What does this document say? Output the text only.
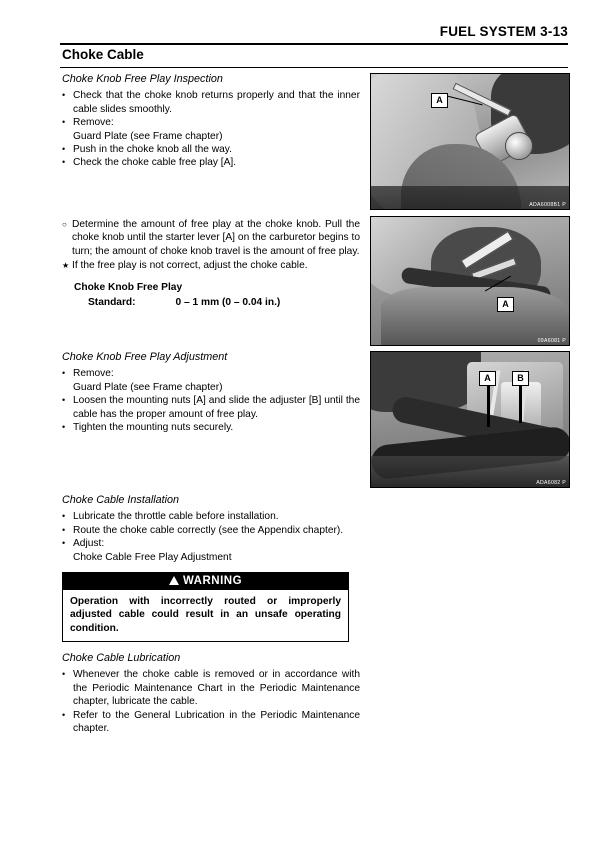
FUEL SYSTEM 3-13
Choke Cable
Choke Knob Free Play Inspection
• Check that the choke knob returns properly and that the inner cable slides smoothly.
• Remove:
Guard Plate (see Frame chapter)
• Push in the choke knob all the way.
• Check the choke cable free play [A].
○ Determine the amount of free play at the choke knob. Pull the choke knob until the starter lever [A] on the carburetor begins to turn; the amount of choke knob travel is the amount of free play.
★ If the free play is not correct, adjust the choke cable.
Choke Knob Free Play
Standard:	0 – 1 mm (0 – 0.04 in.)
Choke Knob Free Play Adjustment
• Remove:
Guard Plate (see Frame chapter)
• Loosen the mounting nuts [A] and slide the adjuster [B] until the cable has the proper amount of free play.
• Tighten the mounting nuts securely.
Choke Cable Installation
• Lubricate the throttle cable before installation.
• Route the choke cable correctly (see the Appendix chapter).
• Adjust:
Choke Cable Free Play Adjustment
WARNING
Operation with incorrectly routed or improperly adjusted cable could result in an unsafe operating condition.
Choke Cable Lubrication
• Whenever the choke cable is removed or in accordance with the Periodic Maintenance Chart in the Periodic Maintenance chapter, lubricate the cable.
• Refer to the General Lubrication in the Periodic Maintenance chapter.
A
ADA6008B1 P
A
09A6081 P
A	B
ADA6082 P
